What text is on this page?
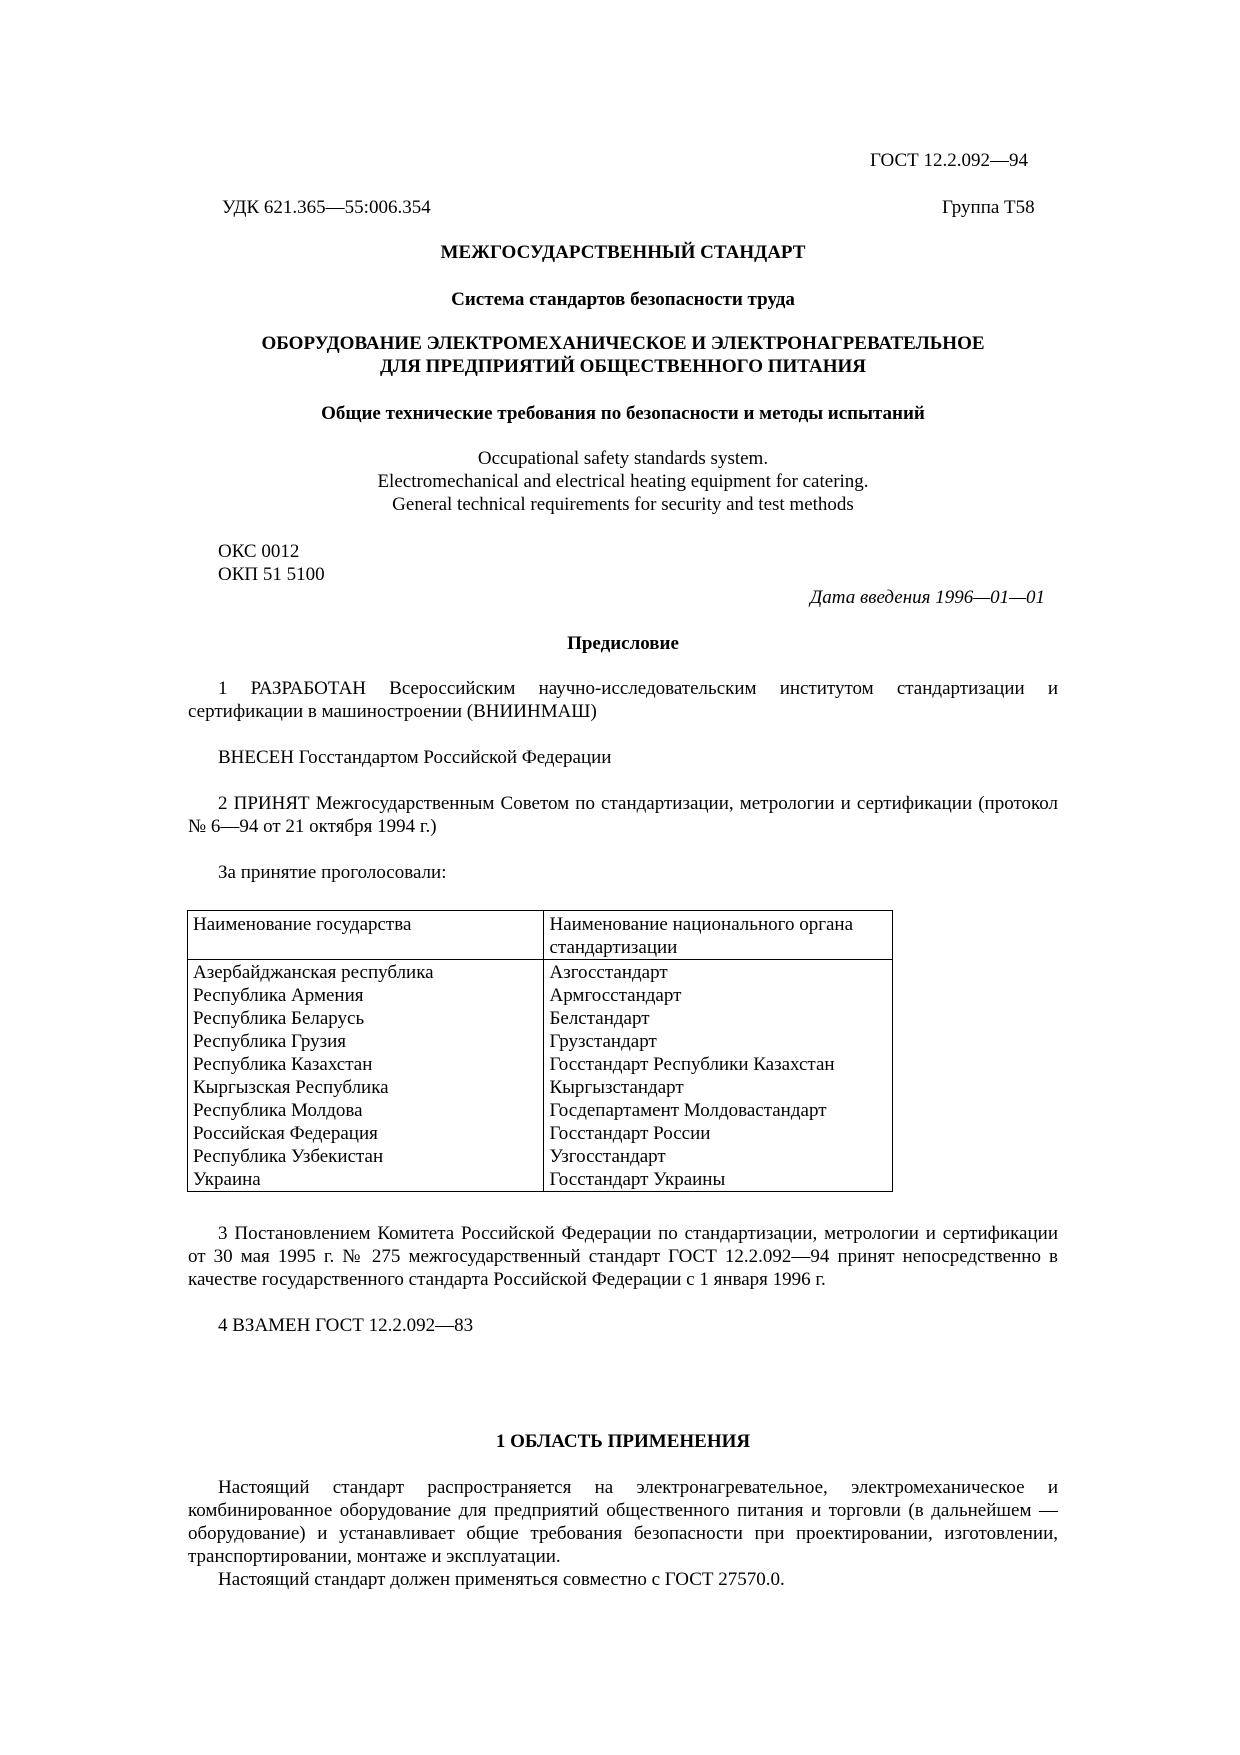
ГОСТ 12.2.092—94
УДК 621.365—55:006.354	Группа Т58
МЕЖГОСУДАРСТВЕННЫЙ СТАНДАРТ
Система стандартов безопасности труда
ОБОРУДОВАНИЕ ЭЛЕКТРОМЕХАНИЧЕСКОЕ И ЭЛЕКТРОНАГРЕВАТЕЛЬНОЕ
ДЛЯ ПРЕДПРИЯТИЙ ОБЩЕСТВЕННОГО ПИТАНИЯ
Общие технические требования по безопасности и методы испытаний
Occupational safety standards system.
Electromechanical and electrical heating equipment for catering.
General technical requirements for security and test methods
ОКС 0012
ОКП 51 5100
Дата введения 1996—01—01
Предисловие
1 РАЗРАБОТАН Всероссийским научно-исследовательским институтом стандартизации и сертификации в машиностроении (ВНИИНМАШ)
ВНЕСЕН Госстандартом Российской Федерации
2 ПРИНЯТ Межгосударственным Советом по стандартизации, метрологии и сертификации (протокол № 6—94 от 21 октября 1994 г.)
За принятие проголосовали:
Наименование государства	Наименование национального органа стандартизации
Азербайджанская республика	Азгосстандарт
Республика Армения	Армгосстандарт
Республика Беларусь	Белстандарт
Республика Грузия	Грузстандарт
Республика Казахстан	Госстандарт Республики Казахстан
Кыргызская Республика	Кыргызстандарт
Республика Молдова	Госдепартамент Молдовастандарт
Российская Федерация	Госстандарт России
Республика Узбекистан	Узгосстандарт
Украина	Госстандарт Украины
3 Постановлением Комитета Российской Федерации по стандартизации, метрологии и сертификации от 30 мая 1995 г. № 275 межгосударственный стандарт ГОСТ 12.2.092—94 принят непосредственно в качестве государственного стандарта Российской Федерации с 1 января 1996 г.
4 ВЗАМЕН ГОСТ 12.2.092—83
1 ОБЛАСТЬ ПРИМЕНЕНИЯ
Настоящий стандарт распространяется на электронагревательное, электромеханическое и комбинированное оборудование для предприятий общественного питания и торговли (в дальнейшем — оборудование) и устанавливает общие требования безопасности при проектировании, изготовлении, транспортировании, монтаже и эксплуатации.
Настоящий стандарт должен применяться совместно с ГОСТ 27570.0.
